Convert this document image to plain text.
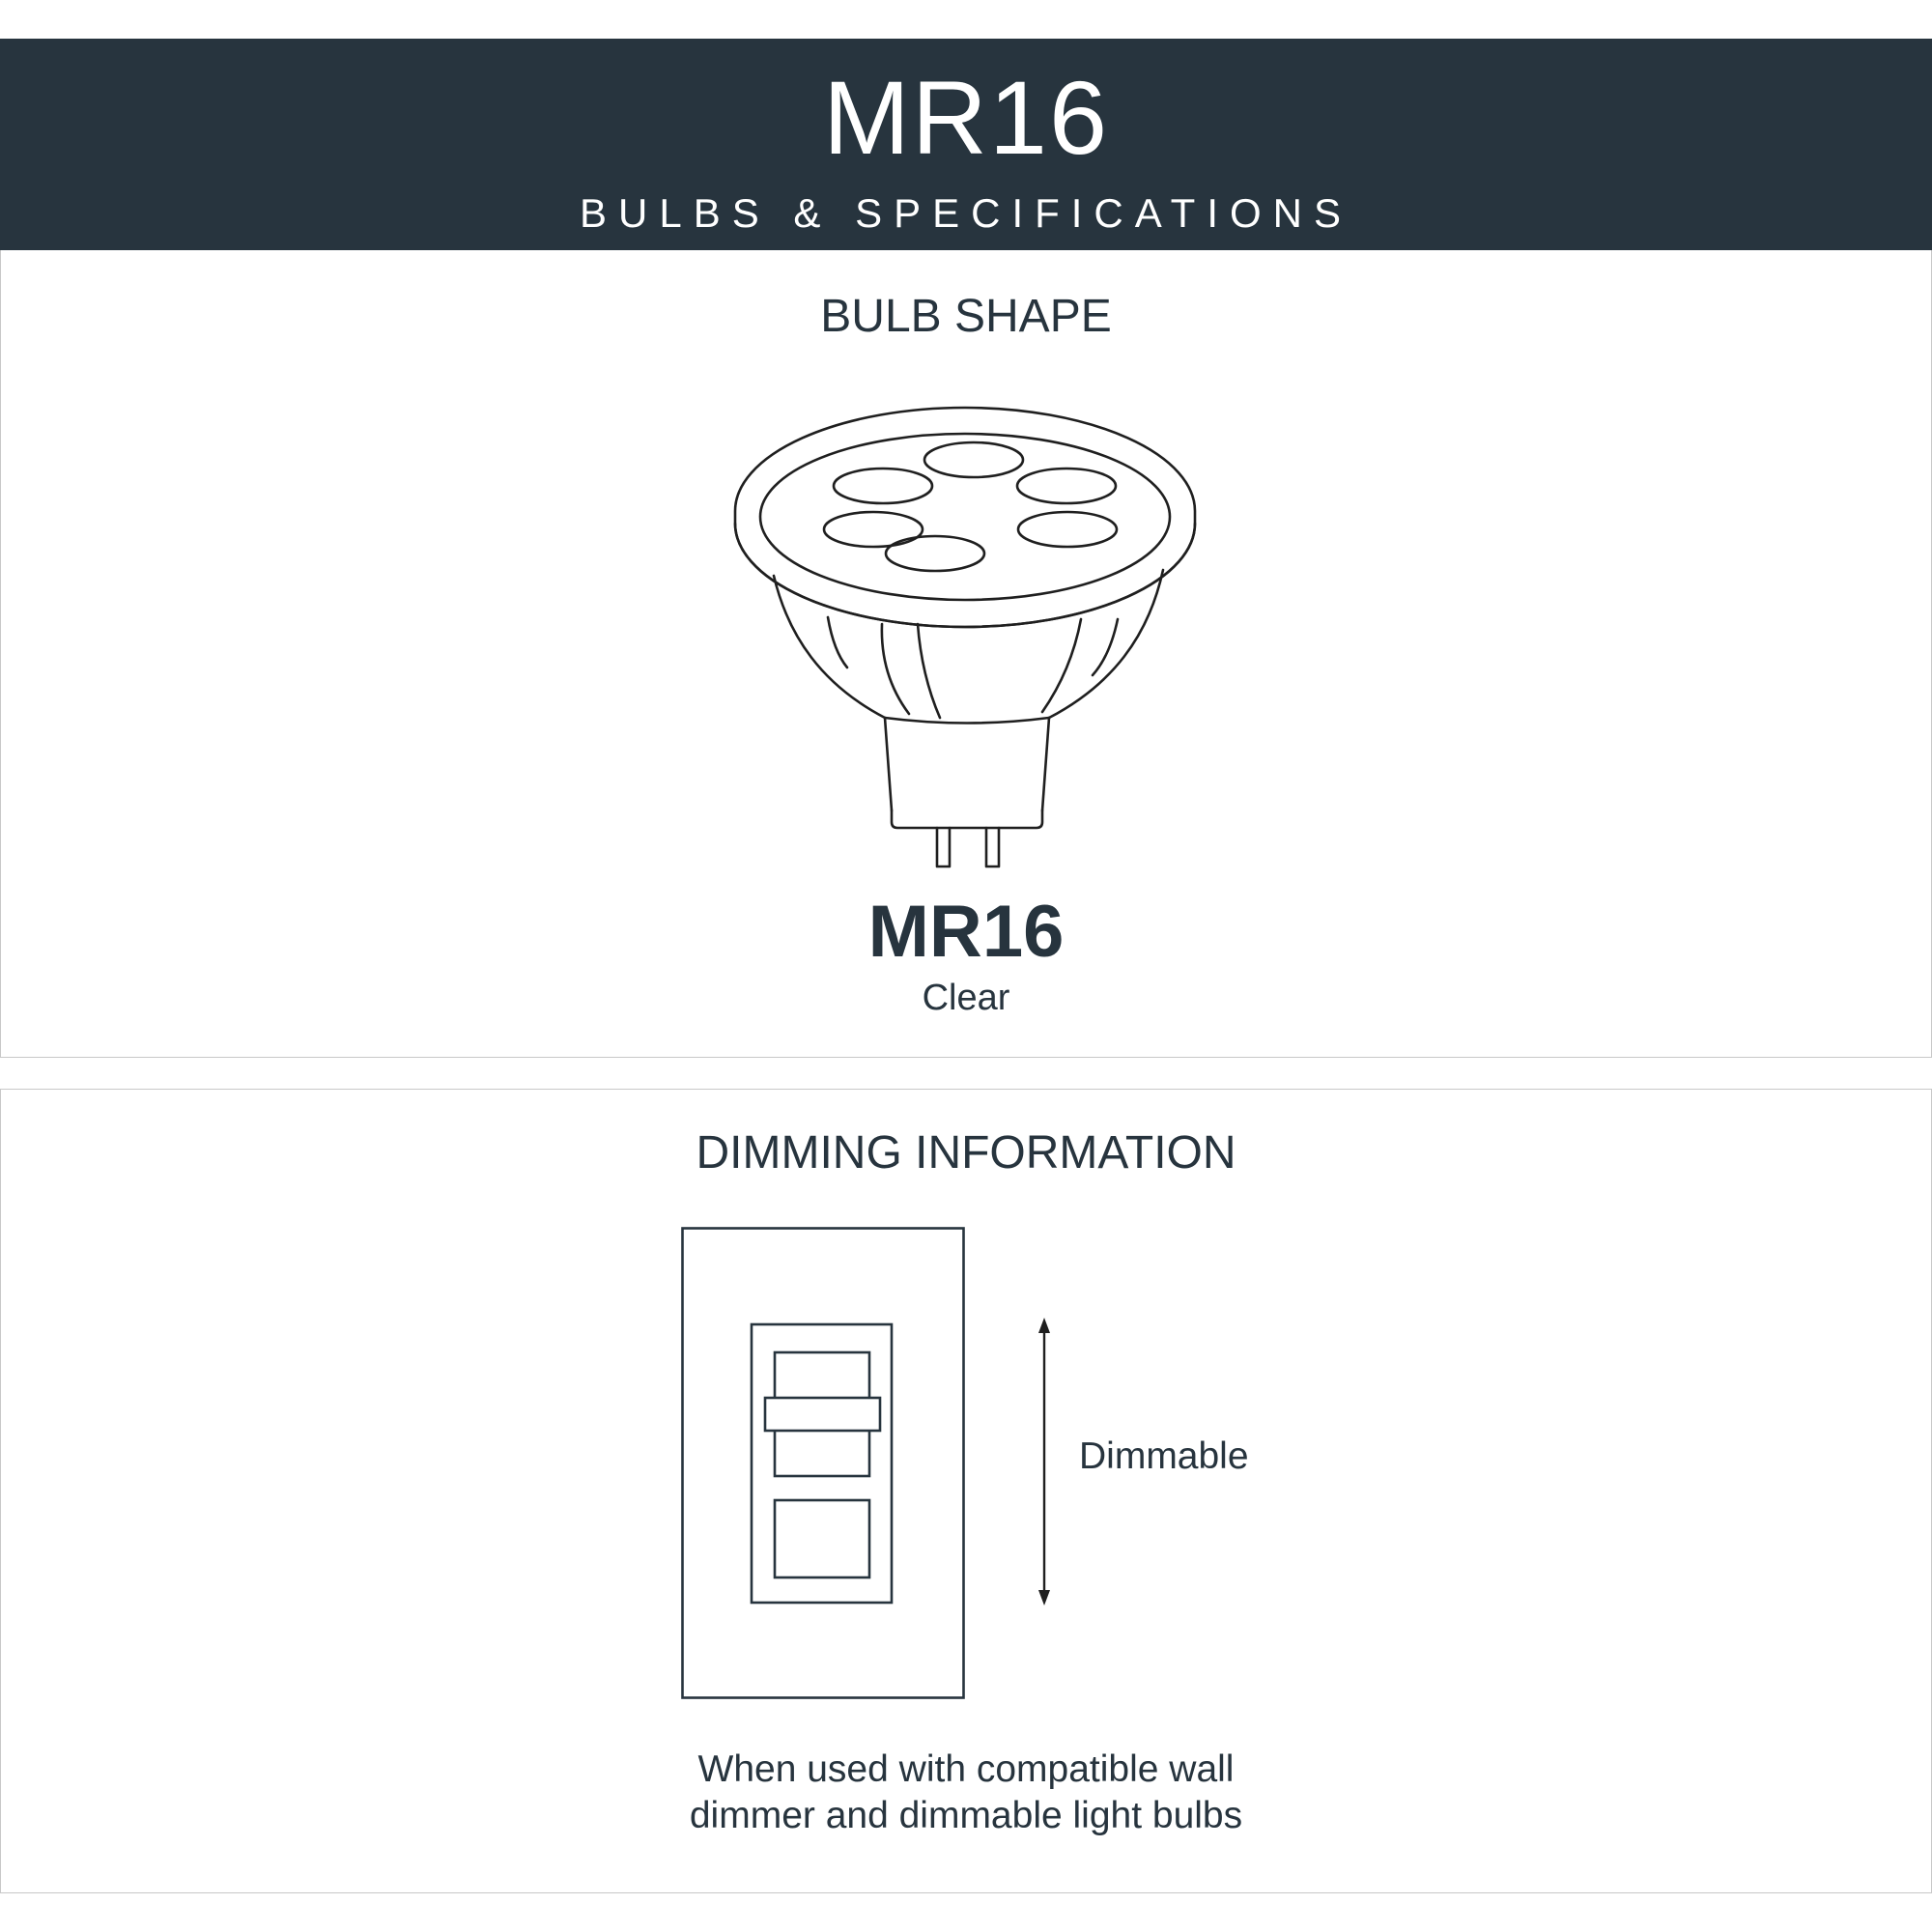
MR16
BULBS & SPECIFICATIONS
BULB SHAPE
MR16
Clear
DIMMING INFORMATION
Dimmable
When used with compatible wall
dimmer and dimmable light bulbs
